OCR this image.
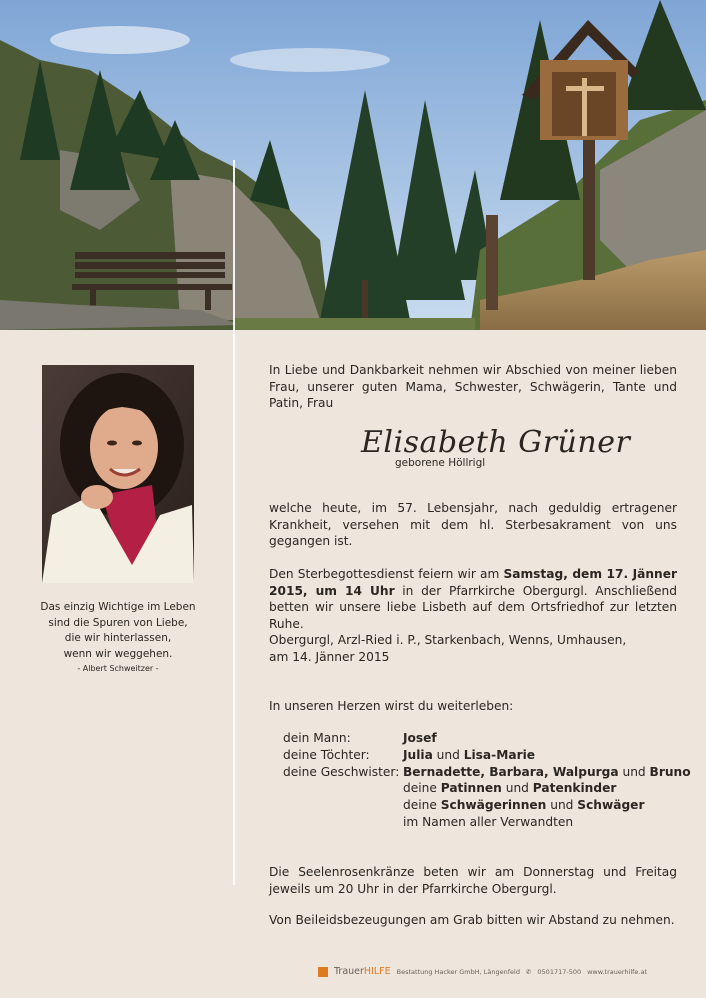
Das einzig Wichtige im Leben
sind die Spuren von Liebe,
die wir hinterlassen,
wenn wir weggehen.
- Albert Schweitzer -
In Liebe und Dankbarkeit nehmen wir Abschied von meiner lieben Frau, unserer guten Mama, Schwester, Schwägerin, Tante und Patin, Frau
Elisabeth Grüner
geborene Höllrigl
welche heute, im 57. Lebensjahr, nach geduldig ertragener Krankheit, versehen mit dem hl. Sterbesakrament von uns gegangen ist.
Den Sterbegottesdienst feiern wir am Samstag, dem 17. Jänner 2015, um 14 Uhr in der Pfarrkirche Obergurgl. Anschließend betten wir unsere liebe Lisbeth auf dem Ortsfriedhof zur letzten Ruhe.
Obergurgl, Arzl-Ried i. P., Starkenbach, Wenns, Umhausen, am 14. Jänner 2015
In unseren Herzen wirst du weiterleben:
dein Mann:	Josef
deine Töchter:	Julia und Lisa-Marie
deine Geschwister: Bernadette, Barbara, Walpurga und Bruno
deine Patinnen und Patenkinder
deine Schwägerinnen und Schwäger
im Namen aller Verwandten
Die Seelenrosenkränze beten wir am Donnerstag und Freitag jeweils um 20 Uhr in der Pfarrkirche Obergurgl.
Von Beileidsbezeugungen am Grab bitten wir Abstand zu nehmen.
TrauerHILFE Bestattung Hacker GmbH, Längenfeld ✆ 0501717-500 www.trauerhilfe.at
